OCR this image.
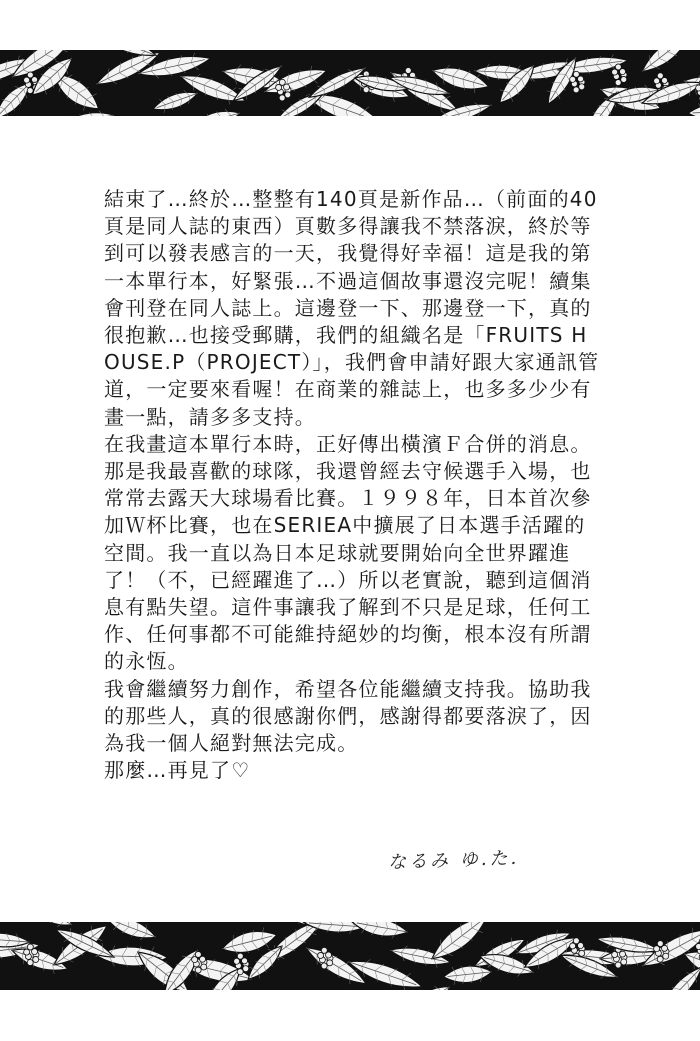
結束了…終於…整整有140頁是新作品…（前面的40頁是同人誌的東西）頁數多得讓我不禁落淚，終於等到可以發表感言的一天，我覺得好幸福！這是我的第一本單行本，好緊張…不過這個故事還沒完呢！續集會刊登在同人誌上。這邊登一下、那邊登一下，真的很抱歉…也接受郵購，我們的組織名是「FRUITS HOUSE.P（PROJECT）」，我們會申請好跟大家通訊管道，一定要來看喔！在商業的雜誌上，也多多少少有畫一點，請多多支持。

在我畫這本單行本時，正好傳出橫濱Ｆ合併的消息。那是我最喜歡的球隊，我還曾經去守候選手入場，也常常去露天大球場看比賽。１９９８年，日本首次參加Ｗ杯比賽，也在SERIEA中擴展了日本選手活躍的空間。我一直以為日本足球就要開始向全世界躍進了！（不，已經躍進了…）所以老實說，聽到這個消息有點失望。這件事讓我了解到不只是足球，任何工作、任何事都不可能維持絕妙的均衡，根本沒有所謂的永恆。

我會繼續努力創作，希望各位能繼續支持我。協助我的那些人，真的很感謝你們，感謝得都要落淚了，因為我一個人絕對無法完成。

那麼…再見了♡

なるみ ゆ.た.
